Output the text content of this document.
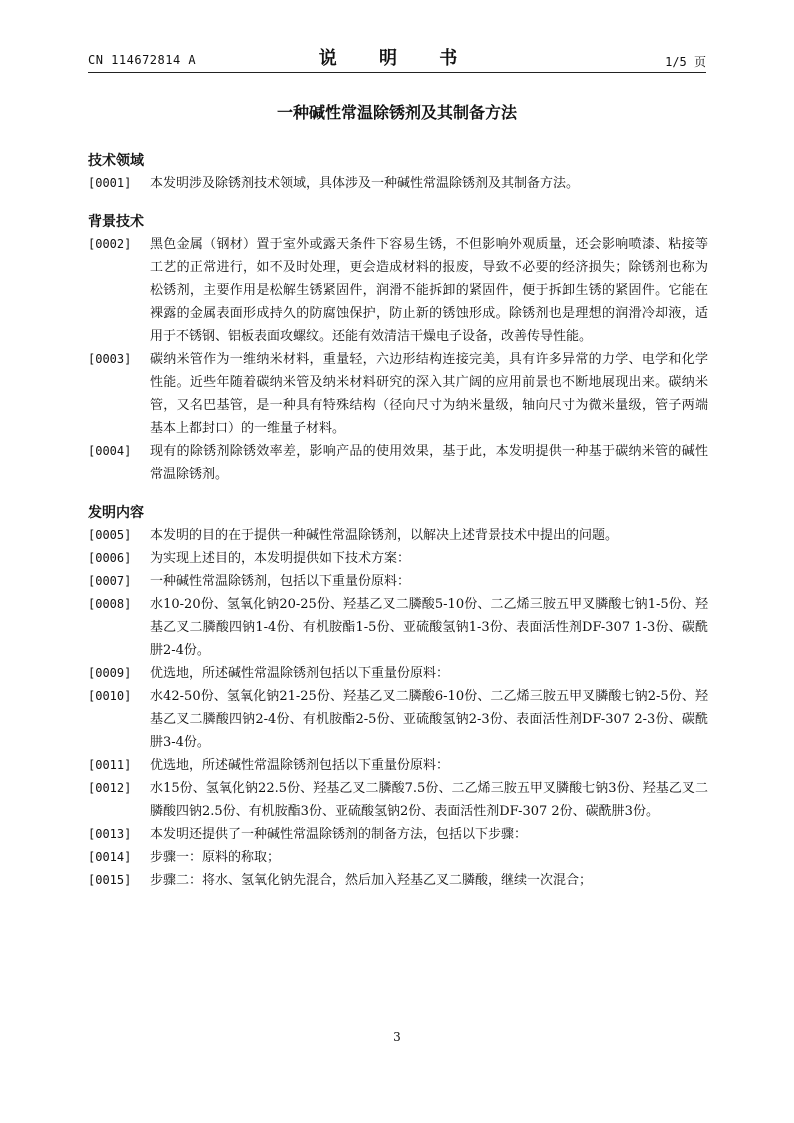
CN 114672814 A	说 明 书	1/5 页
一种碱性常温除锈剂及其制备方法
技术领域
[0001]	本发明涉及除锈剂技术领域，具体涉及一种碱性常温除锈剂及其制备方法。
背景技术
[0002]	黑色金属（钢材）置于室外或露天条件下容易生锈，不但影响外观质量，还会影响喷漆、粘接等工艺的正常进行，如不及时处理，更会造成材料的报废，导致不必要的经济损失；除锈剂也称为松锈剂，主要作用是松解生锈紧固件，润滑不能拆卸的紧固件，便于拆卸生锈的紧固件。它能在裸露的金属表面形成持久的防腐蚀保护，防止新的锈蚀形成。除锈剂也是理想的润滑冷却液，适用于不锈钢、铝板表面攻螺纹。还能有效清洁干燥电子设备，改善传导性能。
[0003]	碳纳米管作为一维纳米材料，重量轻，六边形结构连接完美，具有许多异常的力学、电学和化学性能。近些年随着碳纳米管及纳米材料研究的深入其广阔的应用前景也不断地展现出来。碳纳米管，又名巴基管，是一种具有特殊结构（径向尺寸为纳米量级，轴向尺寸为微米量级，管子两端基本上都封口）的一维量子材料。
[0004]	现有的除锈剂除锈效率差，影响产品的使用效果，基于此，本发明提供一种基于碳纳米管的碱性常温除锈剂。
发明内容
[0005]	本发明的目的在于提供一种碱性常温除锈剂，以解决上述背景技术中提出的问题。
[0006]	为实现上述目的，本发明提供如下技术方案：
[0007]	一种碱性常温除锈剂，包括以下重量份原料：
[0008]	水10-20份、氢氧化钠20-25份、羟基乙叉二膦酸5-10份、二乙烯三胺五甲叉膦酸七钠1-5份、羟基乙叉二膦酸四钠1-4份、有机胺酯1-5份、亚硫酸氢钠1-3份、表面活性剂DF-307 1-3份、碳酰肼2-4份。
[0009]	优选地，所述碱性常温除锈剂包括以下重量份原料：
[0010]	水42-50份、氢氧化钠21-25份、羟基乙叉二膦酸6-10份、二乙烯三胺五甲叉膦酸七钠2-5份、羟基乙叉二膦酸四钠2-4份、有机胺酯2-5份、亚硫酸氢钠2-3份、表面活性剂DF-307 2-3份、碳酰肼3-4份。
[0011]	优选地，所述碱性常温除锈剂包括以下重量份原料：
[0012]	水15份、氢氧化钠22.5份、羟基乙叉二膦酸7.5份、二乙烯三胺五甲叉膦酸七钠3份、羟基乙叉二膦酸四钠2.5份、有机胺酯3份、亚硫酸氢钠2份、表面活性剂DF-307 2份、碳酰肼3份。
[0013]	本发明还提供了一种碱性常温除锈剂的制备方法，包括以下步骤：
[0014]	步骤一：原料的称取；
[0015]	步骤二：将水、氢氧化钠先混合，然后加入羟基乙叉二膦酸，继续一次混合；
3
